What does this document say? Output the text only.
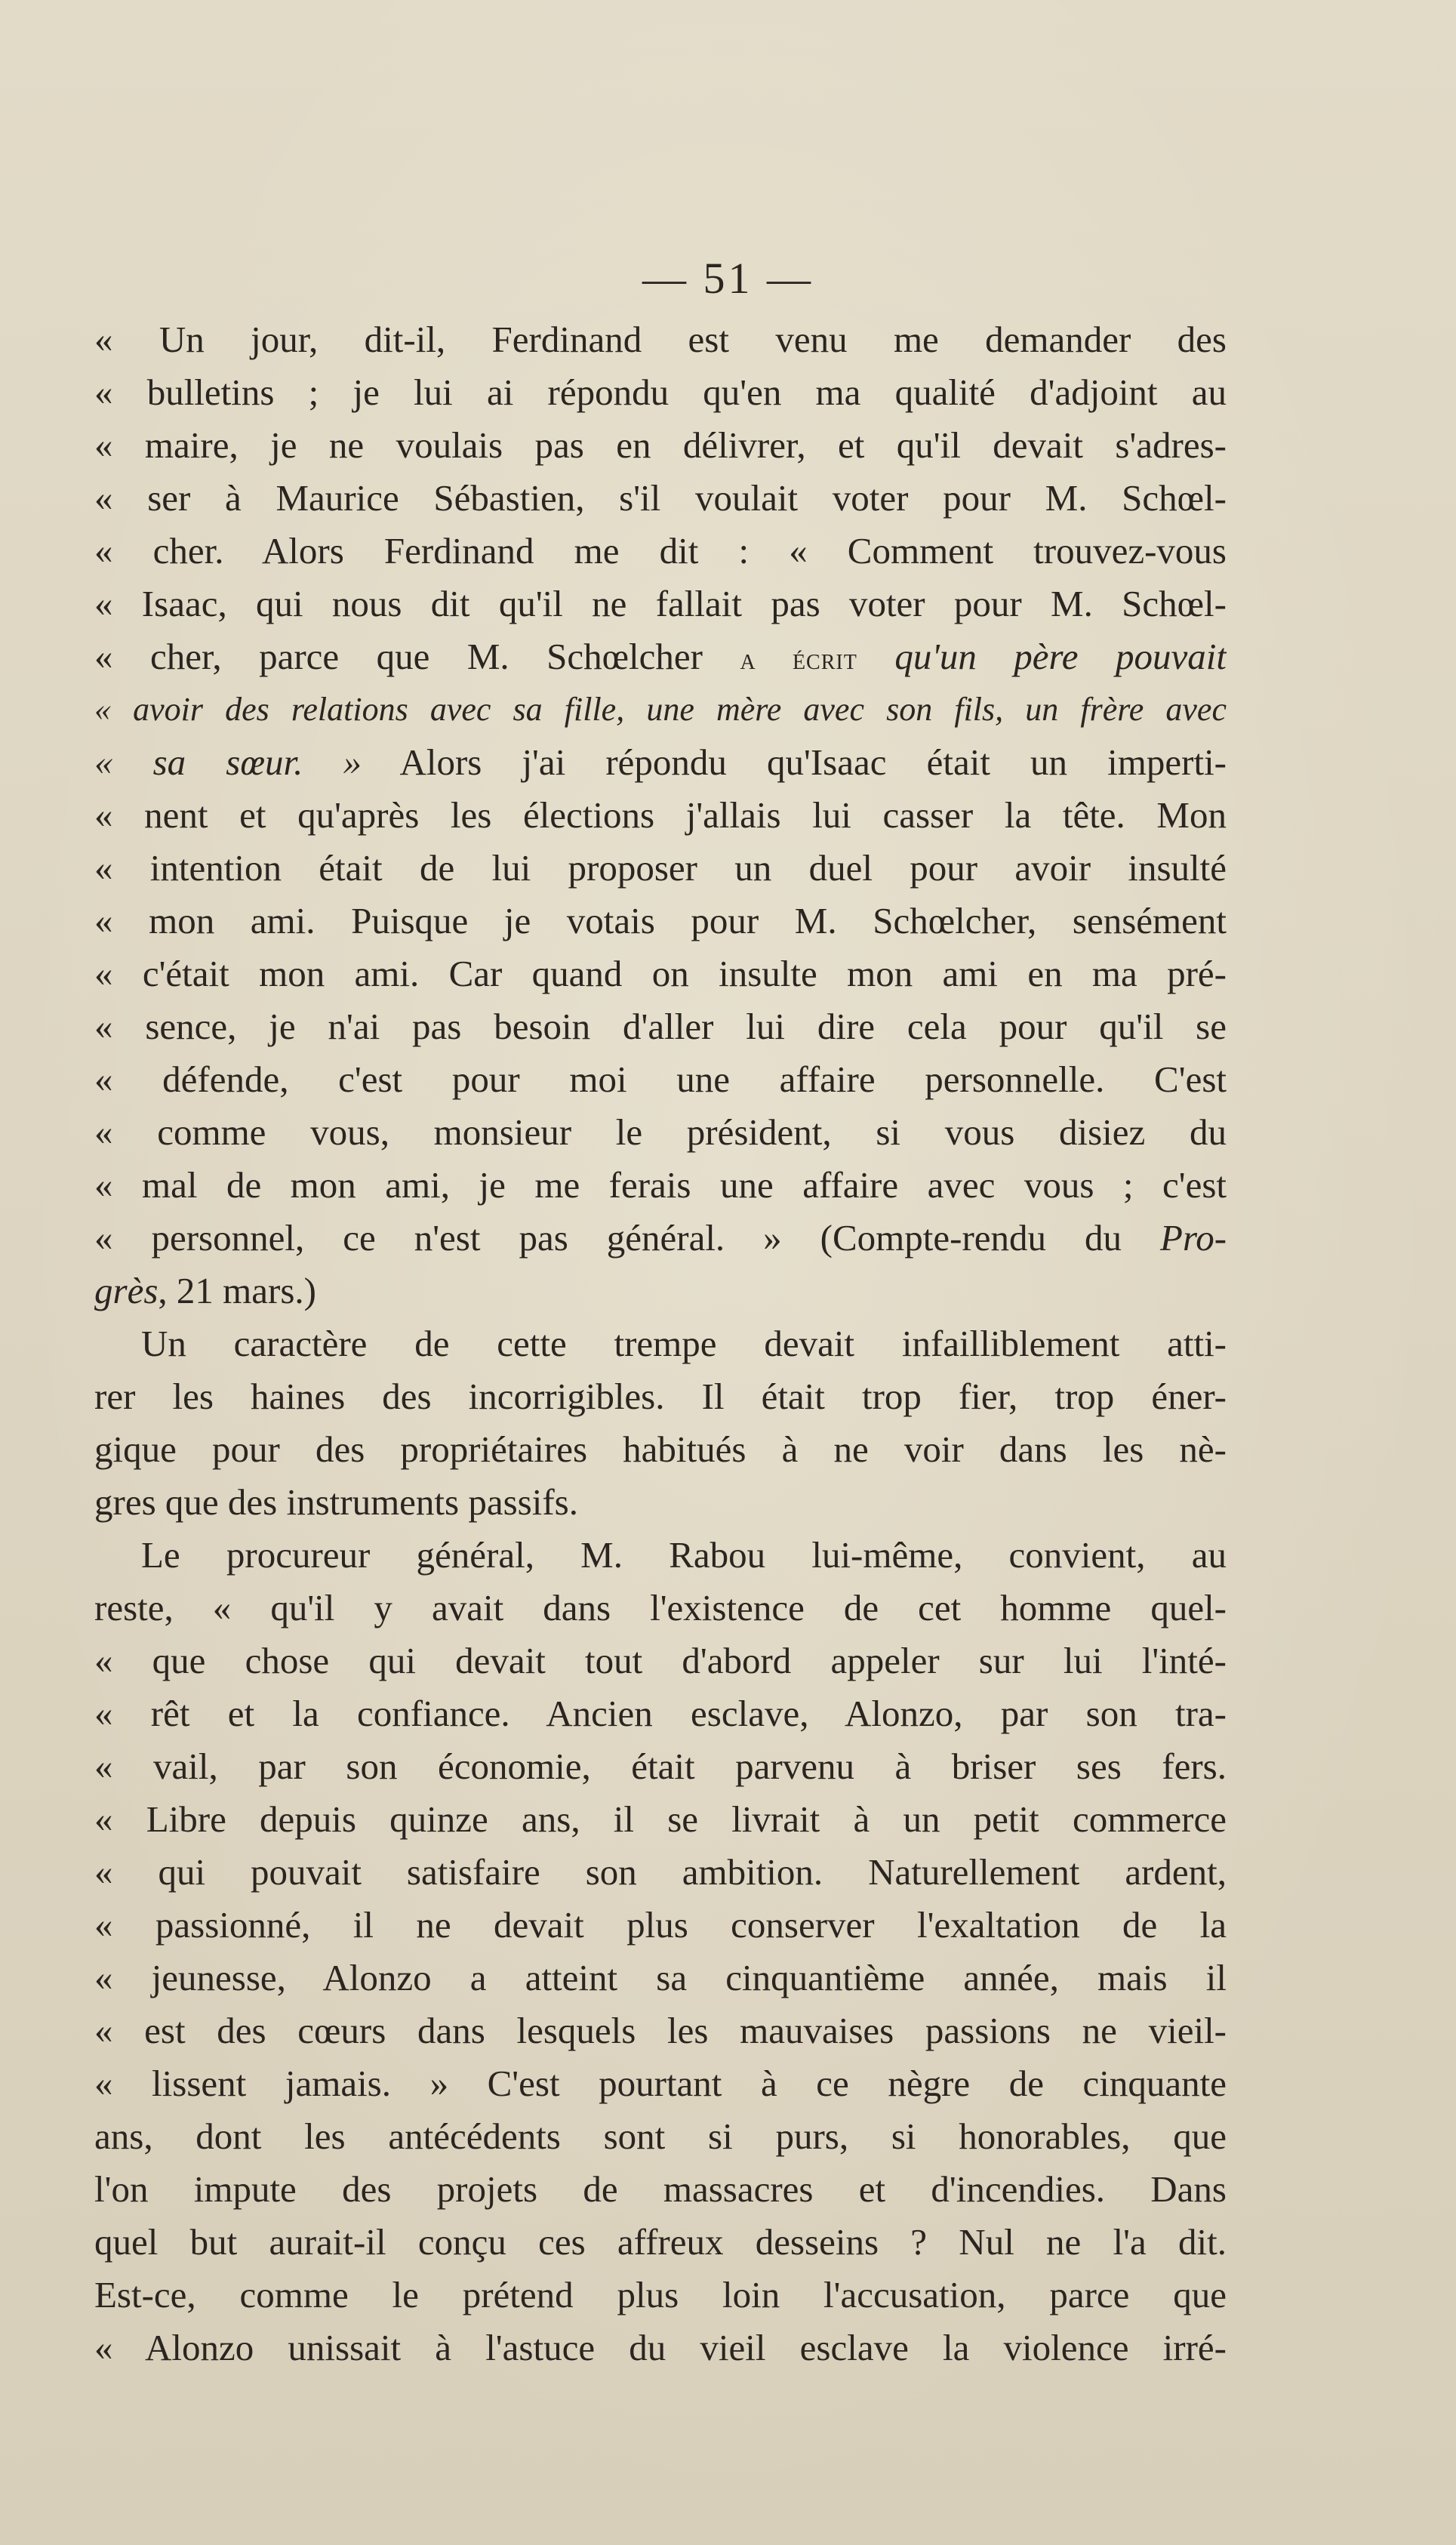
— 51 —
« Un jour, dit-il, Ferdinand est venu me demander des
« bulletins ; je lui ai répondu qu'en ma qualité d'adjoint au
« maire, je ne voulais pas en délivrer, et qu'il devait s'adres-
« ser à Maurice Sébastien, s'il voulait voter pour M. Schœl-
« cher. Alors Ferdinand me dit : « Comment trouvez-vous
« Isaac, qui nous dit qu'il ne fallait pas voter pour M. Schœl-
« cher, parce que M. Schœlcher a écrit qu'un père pouvait
« avoir des relations avec sa fille, une mère avec son fils, un frère avec
« sa sœur. » Alors j'ai répondu qu'Isaac était un imperti-
« nent et qu'après les élections j'allais lui casser la tête. Mon
« intention était de lui proposer un duel pour avoir insulté
« mon ami. Puisque je votais pour M. Schœlcher, sensément
« c'était mon ami. Car quand on insulte mon ami en ma pré-
« sence, je n'ai pas besoin d'aller lui dire cela pour qu'il se
« défende, c'est pour moi une affaire personnelle. C'est
« comme vous, monsieur le président, si vous disiez du
« mal de mon ami, je me ferais une affaire avec vous ; c'est
« personnel, ce n'est pas général. » (Compte-rendu du Pro-
grès, 21 mars.)
Un caractère de cette trempe devait infailliblement atti-
rer les haines des incorrigibles. Il était trop fier, trop éner-
gique pour des propriétaires habitués à ne voir dans les nè-
gres que des instruments passifs.
Le procureur général, M. Rabou lui-même, convient, au
reste, « qu'il y avait dans l'existence de cet homme quel-
« que chose qui devait tout d'abord appeler sur lui l'inté-
« rêt et la confiance. Ancien esclave, Alonzo, par son tra-
« vail, par son économie, était parvenu à briser ses fers.
« Libre depuis quinze ans, il se livrait à un petit commerce
« qui pouvait satisfaire son ambition. Naturellement ardent,
« passionné, il ne devait plus conserver l'exaltation de la
« jeunesse, Alonzo a atteint sa cinquantième année, mais il
« est des cœurs dans lesquels les mauvaises passions ne vieil-
« lissent jamais. » C'est pourtant à ce nègre de cinquante
ans, dont les antécédents sont si purs, si honorables, que
l'on impute des projets de massacres et d'incendies. Dans
quel but aurait-il conçu ces affreux desseins ? Nul ne l'a dit.
Est-ce, comme le prétend plus loin l'accusation, parce que
« Alonzo unissait à l'astuce du vieil esclave la violence irré-
